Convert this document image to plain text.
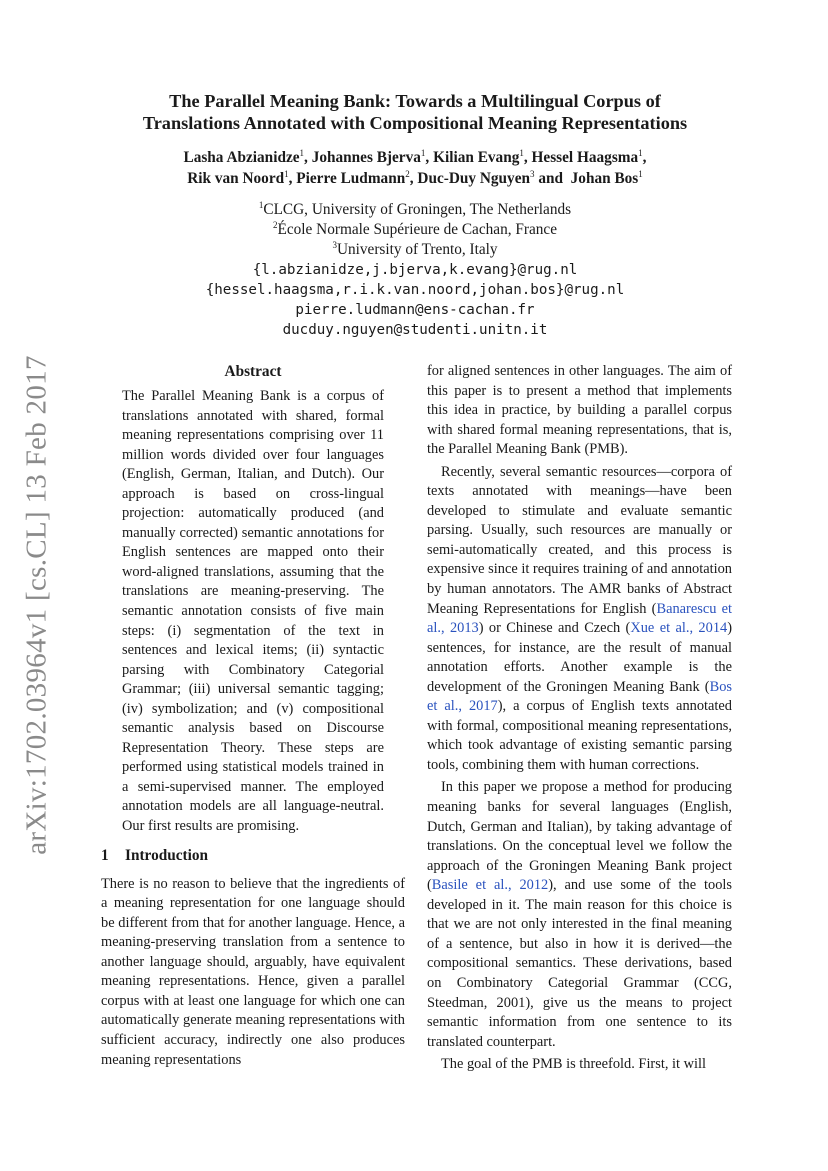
arXiv:1702.03964v1 [cs.CL] 13 Feb 2017
The Parallel Meaning Bank: Towards a Multilingual Corpus of
Translations Annotated with Compositional Meaning Representations
Lasha Abzianidze$^1$, Johannes Bjerva$^1$, Kilian Evang$^1$, Hessel Haagsma$^1$,
Rik van Noord$^1$, Pierre Ludmann$^2$, Duc-Duy Nguyen$^3$ and  Johan Bos$^1$
$^1$CLCG, University of Groningen, The Netherlands
$^2$École Normale Supérieure de Cachan, France
$^3$University of Trento, Italy
{l.abzianidze,j.bjerva,k.evang}@rug.nl
{hessel.haagsma,r.i.k.van.noord,johan.bos}@rug.nl
pierre.ludmann@ens-cachan.fr
ducduy.nguyen@studenti.unitn.it
Abstract

The Parallel Meaning Bank is a corpus of translations annotated with shared, formal meaning representations comprising over 11 million words divided over four languages (English, German, Italian, and Dutch). Our approach is based on cross-lingual projection: automatically produced (and manually corrected) semantic annotations for English sentences are mapped onto their word-aligned translations, assuming that the translations are meaning-preserving. The semantic annotation consists of five main steps: (i) segmentation of the text in sentences and lexical items; (ii) syntactic parsing with Combinatory Categorial Grammar; (iii) universal semantic tagging; (iv) symbolization; and (v) compositional semantic analysis based on Discourse Representation Theory. These steps are performed using statistical models trained in a semi-supervised manner. The employed annotation models are all language-neutral. Our first results are promising.

1 Introduction

There is no reason to believe that the ingredients of a meaning representation for one language should be different from that for another language. Hence, a meaning-preserving translation from a sentence to another language should, arguably, have equivalent meaning representations. Hence, given a parallel corpus with at least one language for which one can automatically generate meaning representations with sufficient accuracy, indirectly one also produces meaning representations

for aligned sentences in other languages. The aim of this paper is to present a method that implements this idea in practice, by building a parallel corpus with shared formal meaning representations, that is, the Parallel Meaning Bank (PMB).

Recently, several semantic resources—corpora of texts annotated with meanings—have been developed to stimulate and evaluate semantic parsing. Usually, such resources are manually or semi-automatically created, and this process is expensive since it requires training of and annotation by human annotators. The AMR banks of Abstract Meaning Representations for English (Banarescu et al., 2013) or Chinese and Czech (Xue et al., 2014) sentences, for instance, are the result of manual annotation efforts. Another example is the development of the Groningen Meaning Bank (Bos et al., 2017), a corpus of English texts annotated with formal, compositional meaning representations, which took advantage of existing semantic parsing tools, combining them with human corrections.

In this paper we propose a method for producing meaning banks for several languages (English, Dutch, German and Italian), by taking advantage of translations. On the conceptual level we follow the approach of the Groningen Meaning Bank project (Basile et al., 2012), and use some of the tools developed in it. The main reason for this choice is that we are not only interested in the final meaning of a sentence, but also in how it is derived—the compositional semantics. These derivations, based on Combinatory Categorial Grammar (CCG, Steedman, 2001), give us the means to project semantic information from one sentence to its translated counterpart.

The goal of the PMB is threefold. First, it will
